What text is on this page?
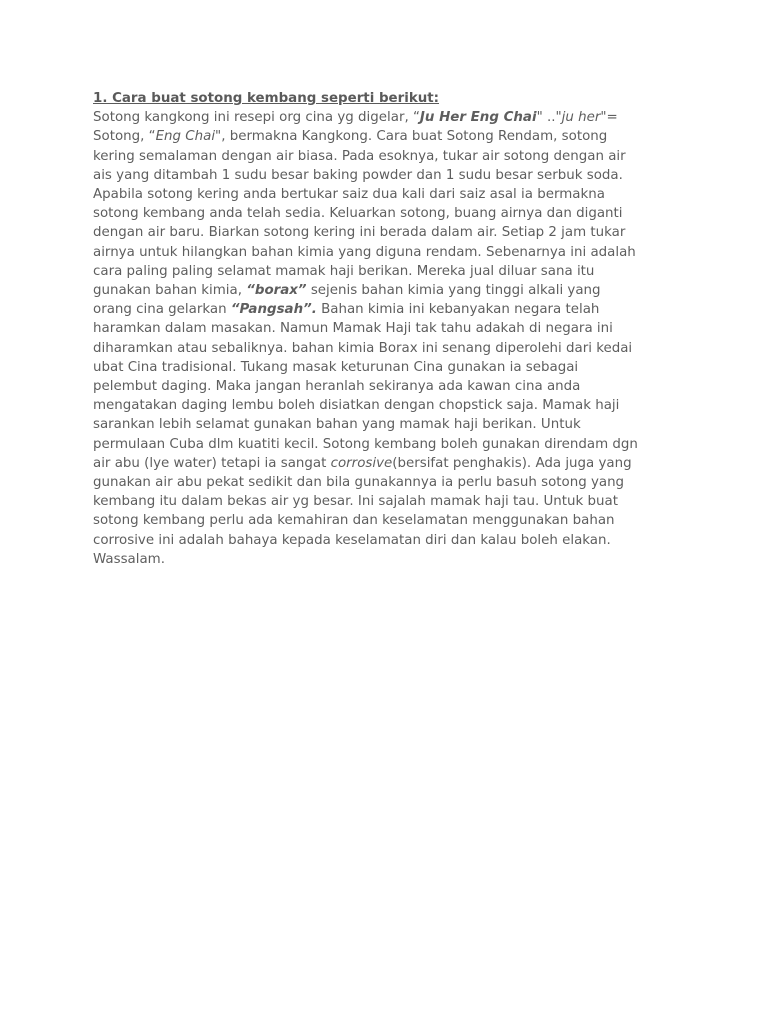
1. Cara buat sotong kembang seperti berikut:
Sotong kangkong ini resepi org cina yg digelar, “Ju Her Eng Chai" .."ju her"=
Sotong, “Eng Chai", bermakna Kangkong. Cara buat Sotong Rendam, sotong
kering semalaman dengan air biasa. Pada esoknya, tukar air sotong dengan air
ais yang ditambah 1 sudu besar baking powder dan 1 sudu besar serbuk soda.
Apabila sotong kering anda bertukar saiz dua kali dari saiz asal ia bermakna
sotong kembang anda telah sedia. Keluarkan sotong, buang airnya dan diganti
dengan air baru. Biarkan sotong kering ini berada dalam air. Setiap 2 jam tukar
airnya untuk hilangkan bahan kimia yang diguna rendam. Sebenarnya ini adalah
cara paling paling selamat mamak haji berikan. Mereka jual diluar sana itu
gunakan bahan kimia, “borax” sejenis bahan kimia yang tinggi alkali yang
orang cina gelarkan “Pangsah”. Bahan kimia ini kebanyakan negara telah
haramkan dalam masakan. Namun Mamak Haji tak tahu adakah di negara ini
diharamkan atau sebaliknya. bahan kimia Borax ini senang diperolehi dari kedai
ubat Cina tradisional. Tukang masak keturunan Cina gunakan ia sebagai
pelembut daging. Maka jangan heranlah sekiranya ada kawan cina anda
mengatakan daging lembu boleh disiatkan dengan chopstick saja. Mamak haji
sarankan lebih selamat gunakan bahan yang mamak haji berikan. Untuk
permulaan Cuba dlm kuatiti kecil. Sotong kembang boleh gunakan direndam dgn
air abu (lye water) tetapi ia sangat corrosive(bersifat penghakis). Ada juga yang
gunakan air abu pekat sedikit dan bila gunakannya ia perlu basuh sotong yang
kembang itu dalam bekas air yg besar. Ini sajalah mamak haji tau. Untuk buat
sotong kembang perlu ada kemahiran dan keselamatan menggunakan bahan
corrosive ini adalah bahaya kepada keselamatan diri dan kalau boleh elakan.
Wassalam.
